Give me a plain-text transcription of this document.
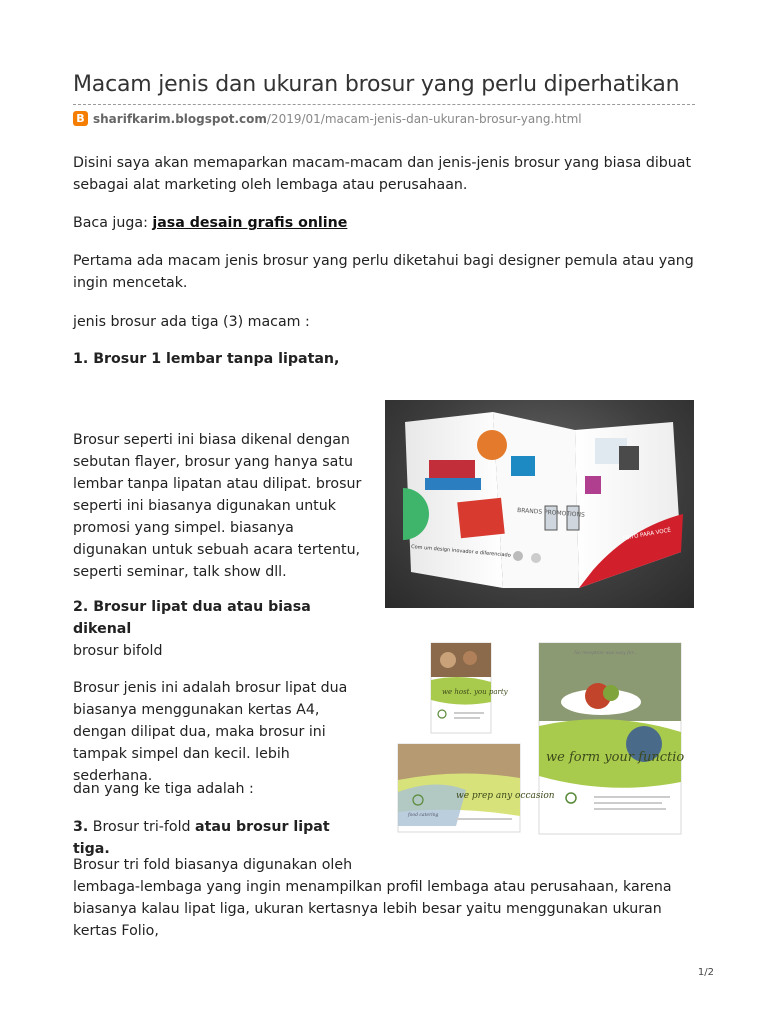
Macam jenis dan ukuran brosur yang perlu diperhatikan
B sharifkarim.blogspot.com /2019/01/macam-jenis-dan-ukuran-brosur-yang.html

Disini saya akan memaparkan macam-macam dan jenis-jenis brosur yang biasa dibuat sebagai alat marketing oleh lembaga atau perusahaan.

Baca juga: jasa desain grafis online

Pertama ada macam jenis brosur yang perlu diketahui bagi designer pemula atau yang ingin mencetak.

jenis brosur ada tiga (3) macam :

1. Brosur 1 lembar tanpa lipatan,

Brosur seperti ini biasa dikenal dengan sebutan flayer, brosur yang hanya satu lembar tanpa lipatan atau dilipat. brosur seperti ini biasanya digunakan untuk promosi yang simpel. biasanya digunakan untuk sebuah acara tertentu, seperti seminar, talk show dll.

BRANDS PROMOTIONS
Com um design inovador e diferenciado
FEITO PARA VOCÊ

2. Brosur lipat dua atau biasa dikenal
brosur bifold

Brosur jenis ini adalah brosur lipat dua biasanya menggunakan kertas A4, dengan dilipat dua, maka brosur ini tampak simpel dan kecil. lebih sederhana.

dan yang ke tiga adalah :

3. Brosur tri-fold atau brosur lipat tiga.

we form your function
No reception was easy for...
we host. you party
we prep any occasion
food catering

Brosur tri fold biasanya digunakan oleh
lembaga-lembaga yang ingin menampilkan profil lembaga atau perusahaan, karena biasanya kalau lipat liga, ukuran kertasnya lebih besar yaitu menggunakan ukuran kertas Folio,

1/2
